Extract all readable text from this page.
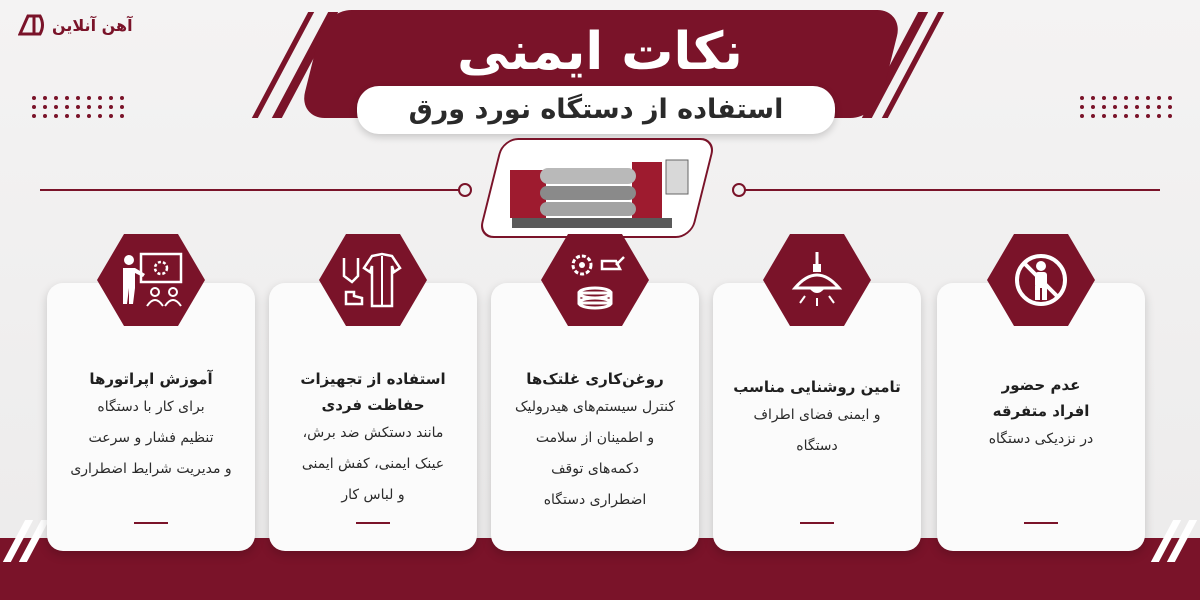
آهن آنلاین	نکات ایمنی
استفاده از دستگاه نورد ورق
عدم حضور
افراد متفرقه
در نزدیکی دستگاه
تامین روشنایی مناسب
و ایمنی فضای اطراف
دستگاه
روغن‌کاری غلتک‌ها
کنترل سیستم‌های هیدرولیک
و اطمینان از سلامت
دکمه‌های توقف
اضطراری دستگاه
استفاده از تجهیزات
حفاظت فردی
مانند دستکش ضد برش،
عینک ایمنی، کفش ایمنی
و لباس کار
آموزش اپراتورها
برای کار با دستگاه
تنظیم فشار و سرعت
و مدیریت شرایط اضطراری
